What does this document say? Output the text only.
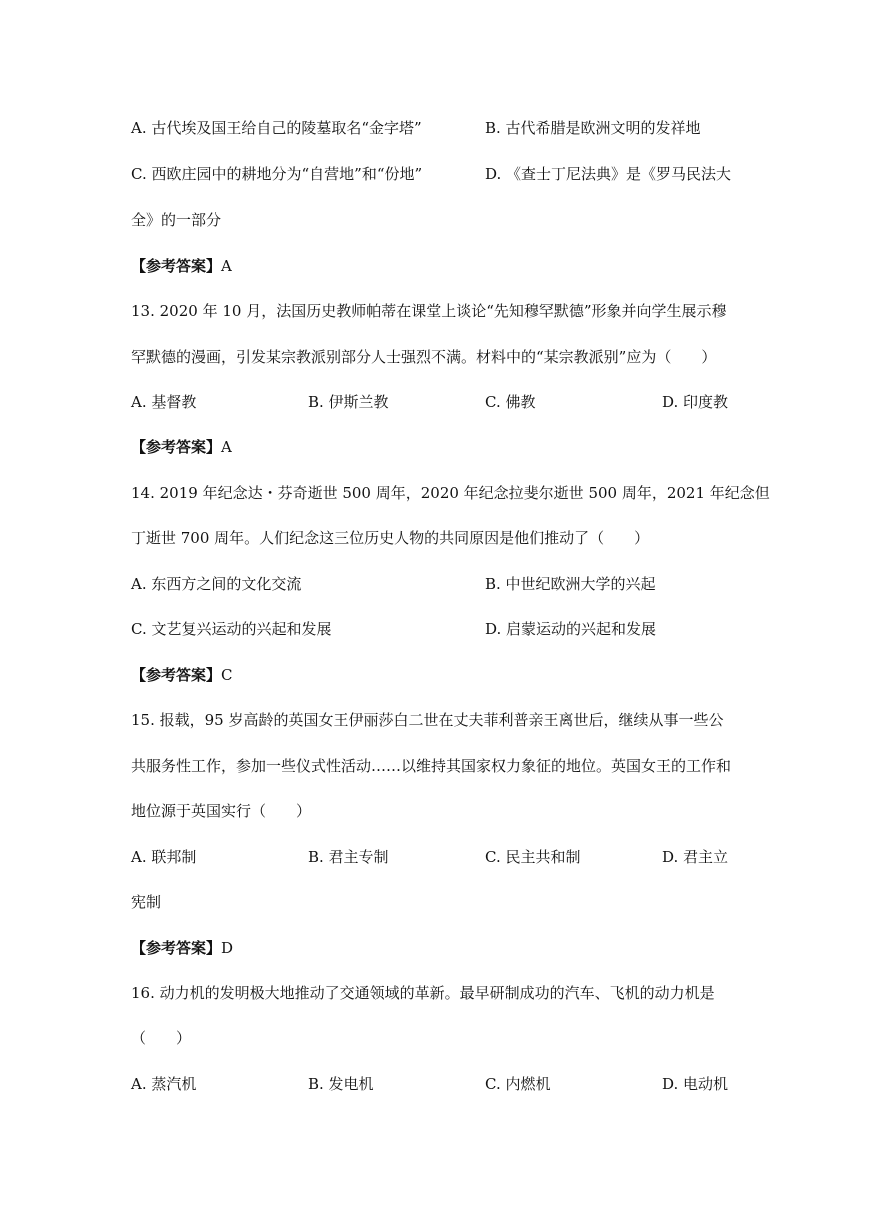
A. 古代埃及国王给自己的陵墓取名“金字塔”	B. 古代希腊是欧洲文明的发祥地
C. 西欧庄园中的耕地分为“自营地”和“份地”	D. 《查士丁尼法典》是《罗马民法大
全》的一部分
【参考答案】A
13. 2020 年 10 月，法国历史教师帕蒂在课堂上谈论“先知穆罕默德”形象并向学生展示穆
罕默德的漫画，引发某宗教派别部分人士强烈不满。材料中的“某宗教派别”应为（　　）
A. 基督教	B. 伊斯兰教	C. 佛教	D. 印度教
【参考答案】A
14. 2019 年纪念达・芬奇逝世 500 周年，2020 年纪念拉斐尔逝世 500 周年，2021 年纪念但
丁逝世 700 周年。人们纪念这三位历史人物的共同原因是他们推动了（　　）
A. 东西方之间的文化交流	B. 中世纪欧洲大学的兴起
C. 文艺复兴运动的兴起和发展	D. 启蒙运动的兴起和发展
【参考答案】C
15. 报载，95 岁高龄的英国女王伊丽莎白二世在丈夫菲利普亲王离世后，继续从事一些公
共服务性工作，参加一些仪式性活动……以维持其国家权力象征的地位。英国女王的工作和
地位源于英国实行（　　）
A. 联邦制	B. 君主专制	C. 民主共和制	D. 君主立
宪制
【参考答案】D
16. 动力机的发明极大地推动了交通领域的革新。最早研制成功的汽车、飞机的动力机是
（　　）
A. 蒸汽机	B. 发电机	C. 内燃机	D. 电动机
